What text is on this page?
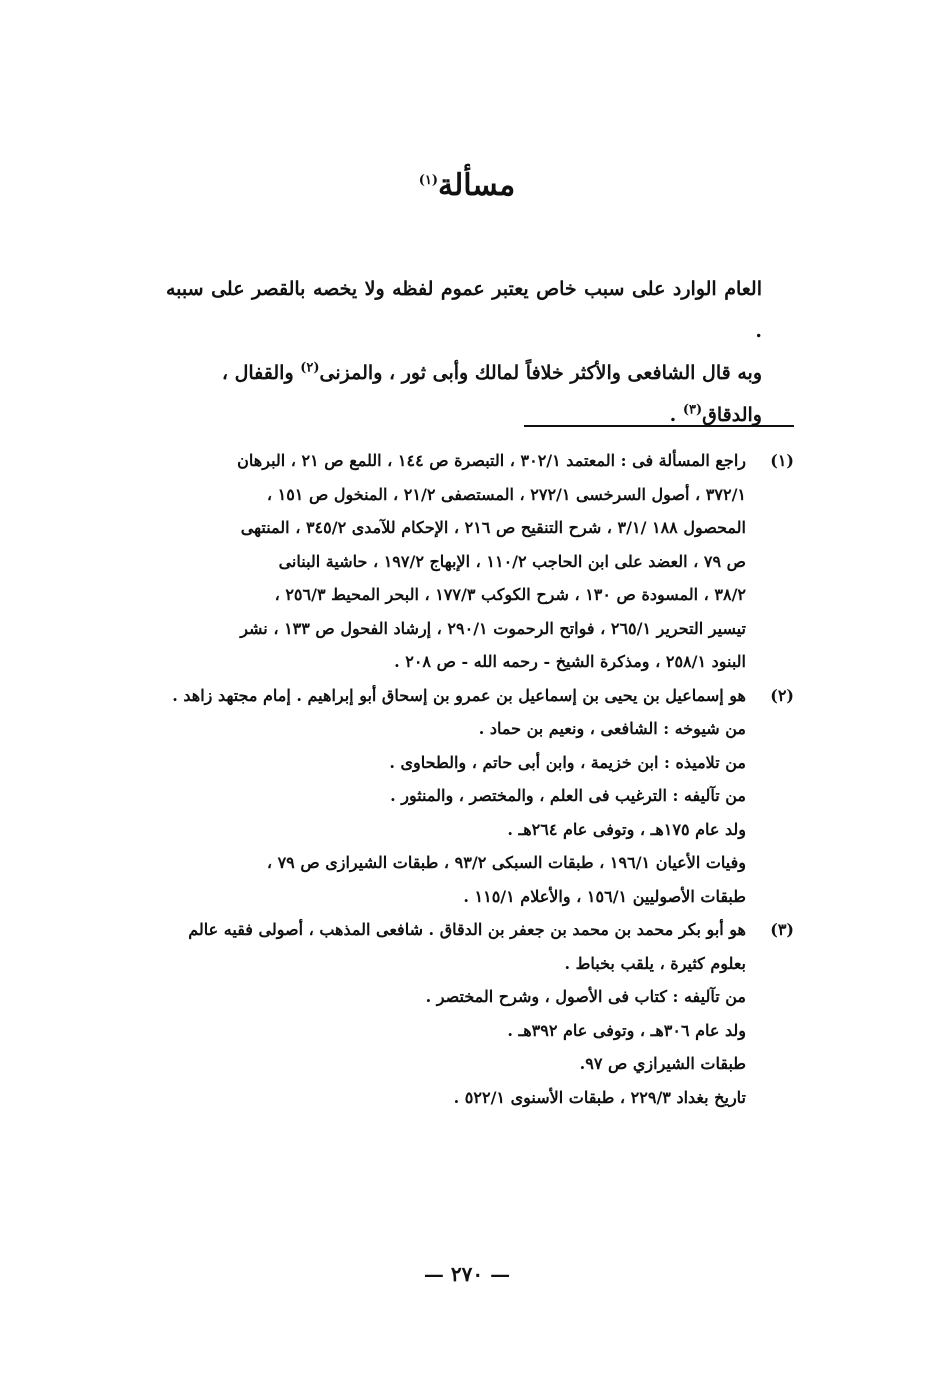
مسألة$^{(١)}$

العام الوارد على سبب خاص يعتبر عموم لفظه ولا يخصه بالقصر على سببه .

وبه قال الشافعى والأكثر خلافاً لمالك وأبى ثور ، والمزنى$^{(٢)}$ والقفال ،

والدقاق$^{(٣)}$ .

(١)
راجع المسألة فى : المعتمد ٣٠٢/١ ، التبصرة ص ١٤٤ ، اللمع ص ٢١ ، البرهان
٣٧٢/١ ، أصول السرخسى ٢٧٢/١ ، المستصفى ٢١/٢ ، المنخول ص ١٥١ ،
المحصول ١٨٨ /٣/١ ، شرح التنقيح ص ٢١٦ ، الإحكام للآمدى ٣٤٥/٢ ، المنتهى
ص ٧٩ ، العضد على ابن الحاجب ١١٠/٢ ، الإبهاج ١٩٧/٢ ، حاشية البنانى
٣٨/٢ ، المسودة ص ١٣٠ ، شرح الكوكب ١٧٧/٣ ، البحر المحيط ٢٥٦/٣ ،
تيسير التحرير ٢٦٥/١ ، فواتح الرحموت ٢٩٠/١ ، إرشاد الفحول ص ١٣٣ ، نشر
البنود ٢٥٨/١ ، ومذكرة الشيخ - رحمه الله - ص ٢٠٨ .
(٢)
هو إسماعيل بن يحيى بن إسماعيل بن عمرو بن إسحاق أبو إبراهيم . إمام مجتهد زاهد .
من شيوخه : الشافعى ، ونعيم بن حماد .
من تلاميذه : ابن خزيمة ، وابن أبى حاتم ، والطحاوى .
من تآليفه : الترغيب فى العلم ، والمختصر ، والمنثور .
ولد عام ١٧٥هـ ، وتوفى عام ٢٦٤هـ .
وفيات الأعيان ١٩٦/١ ، طبقات السبكى ٩٣/٢ ، طبقات الشيرازى ص ٧٩ ،
طبقات الأصوليين ١٥٦/١ ، والأعلام ١١٥/١ .
(٣)
هو أبو بكر محمد بن محمد بن جعفر بن الدقاق . شافعى المذهب ، أصولى فقيه عالم
بعلوم كثيرة ، يلقب بخباط .
من تآليفه : كتاب فى الأصول ، وشرح المختصر .
ولد عام ٣٠٦هـ ، وتوفى عام ٣٩٢هـ .
طبقات الشيرازي ص ٩٧.
تاريخ بغداد ٢٢٩/٣ ، طبقات الأسنوى ٥٢٢/١ .
— ٢٧٠ —
